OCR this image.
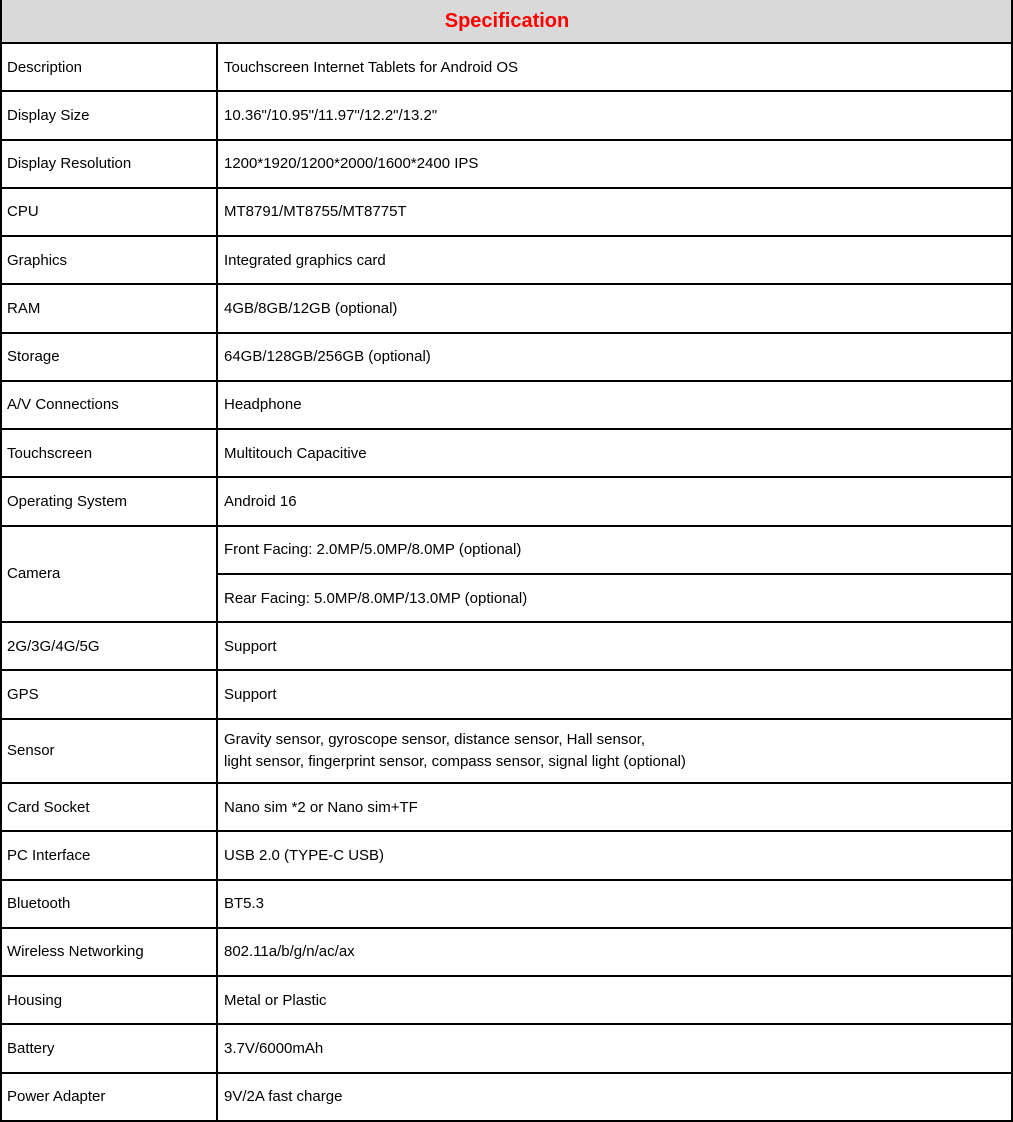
Specification	
Description	Touchscreen Internet Tablets for Android OS
Display Size	10.36"/10.95"/11.97"/12.2"/13.2"
Display Resolution	1200*1920/1200*2000/1600*2400 IPS
CPU	MT8791/MT8755/MT8775T
Graphics	Integrated graphics card
RAM	4GB/8GB/12GB (optional)
Storage	64GB/128GB/256GB (optional)
A/V Connections	Headphone
Touchscreen	Multitouch Capacitive
Operating System	Android 16
Camera	Front Facing: 2.0MP/5.0MP/8.0MP (optional)
	Rear Facing: 5.0MP/8.0MP/13.0MP (optional)
2G/3G/4G/5G	Support
GPS	Support
Sensor	Gravity sensor, gyroscope sensor, distance sensor, Hall sensor,
light sensor, fingerprint sensor, compass sensor, signal light (optional)

Card Socket	Nano sim *2 or Nano sim+TF
PC Interface	USB 2.0 (TYPE-C USB)
Bluetooth	BT5.3
Wireless Networking	802.11a/b/g/n/ac/ax
Housing	Metal or Plastic
Battery	3.7V/6000mAh
Power Adapter	9V/2A fast charge
